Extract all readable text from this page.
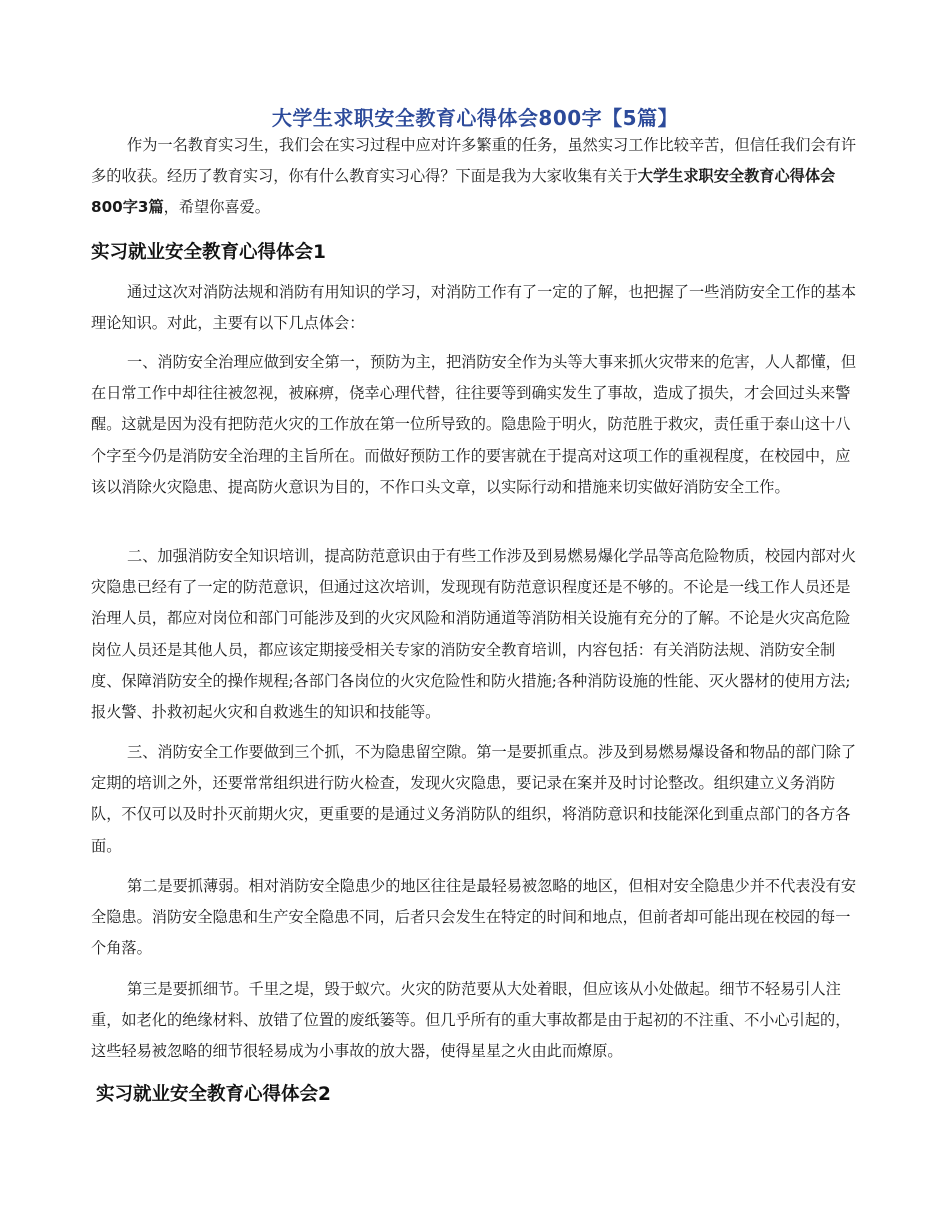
大学生求职安全教育心得体会800字【5篇】

作为一名教育实习生，我们会在实习过程中应对许多繁重的任务，虽然实习工作比较辛苦，但信任我们会有许多的收获。经历了教育实习，你有什么教育实习心得？下面是我为大家收集有关于大学生求职安全教育心得体会800字3篇，希望你喜爱。

实习就业安全教育心得体会1

通过这次对消防法规和消防有用知识的学习，对消防工作有了一定的了解，也把握了一些消防安全工作的基本理论知识。对此，主要有以下几点体会：

一、消防安全治理应做到安全第一，预防为主，把消防安全作为头等大事来抓火灾带来的危害，人人都懂，但在日常工作中却往往被忽视，被麻痹，侥幸心理代替，往往要等到确实发生了事故，造成了损失，才会回过头来警醒。这就是因为没有把防范火灾的工作放在第一位所导致的。隐患险于明火，防范胜于救灾，责任重于泰山这十八个字至今仍是消防安全治理的主旨所在。而做好预防工作的要害就在于提高对这项工作的重视程度，在校园中，应该以消除火灾隐患、提高防火意识为目的，不作口头文章，以实际行动和措施来切实做好消防安全工作。

二、加强消防安全知识培训，提高防范意识由于有些工作涉及到易燃易爆化学品等高危险物质，校园内部对火灾隐患已经有了一定的防范意识，但通过这次培训，发现现有防范意识程度还是不够的。不论是一线工作人员还是治理人员，都应对岗位和部门可能涉及到的火灾风险和消防通道等消防相关设施有充分的了解。不论是火灾高危险岗位人员还是其他人员，都应该定期接受相关专家的消防安全教育培训，内容包括：有关消防法规、消防安全制度、保障消防安全的操作规程;各部门各岗位的火灾危险性和防火措施;各种消防设施的性能、灭火器材的使用方法;报火警、扑救初起火灾和自救逃生的知识和技能等。

三、消防安全工作要做到三个抓，不为隐患留空隙。第一是要抓重点。涉及到易燃易爆设备和物品的部门除了定期的培训之外，还要常常组织进行防火检查，发现火灾隐患，要记录在案并及时讨论整改。组织建立义务消防队，不仅可以及时扑灭前期火灾，更重要的是通过义务消防队的组织，将消防意识和技能深化到重点部门的各方各面。

第二是要抓薄弱。相对消防安全隐患少的地区往往是最轻易被忽略的地区，但相对安全隐患少并不代表没有安全隐患。消防安全隐患和生产安全隐患不同，后者只会发生在特定的时间和地点，但前者却可能出现在校园的每一个角落。

第三是要抓细节。千里之堤，毁于蚁穴。火灾的防范要从大处着眼，但应该从小处做起。细节不轻易引人注重，如老化的绝缘材料、放错了位置的废纸篓等。但几乎所有的重大事故都是由于起初的不注重、不小心引起的，这些轻易被忽略的细节很轻易成为小事故的放大器，使得星星之火由此而燎原。

实习就业安全教育心得体会2
